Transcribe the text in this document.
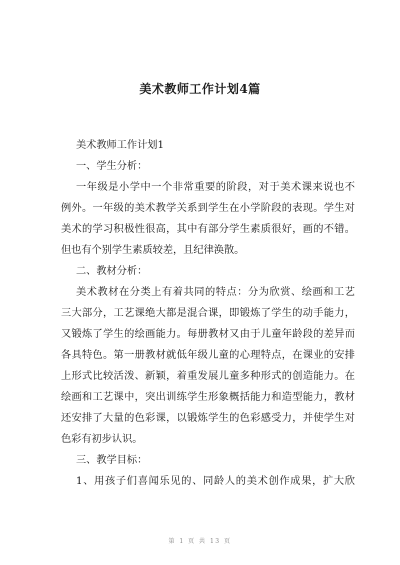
美术教师工作计划4篇
美术教师工作计划1
一、学生分析：
一年级是小学中一个非常重要的阶段，对于美术课来说也不
例外。一年级的美术教学关系到学生在小学阶段的表现。学生对
美术的学习积极性很高，其中有部分学生素质很好，画的不错。
但也有个别学生素质较差，且纪律涣散。
二、教材分析：
美术教材在分类上有着共同的特点：分为欣赏、绘画和工艺
三大部分，工艺课绝大都是混合课，即锻炼了学生的动手能力，
又锻炼了学生的绘画能力。每册教材又由于儿童年龄段的差异而
各具特色。第一册教材就低年级儿童的心理特点，在课业的安排
上形式比较活泼、新颖，着重发展儿童多种形式的创造能力。在
绘画和工艺课中，突出训练学生形象概括能力和造型能力，教材
还安排了大量的色彩课，以锻炼学生的色彩感受力，并使学生对
色彩有初步认识。
三、教学目标：
1、用孩子们喜闻乐见的、同龄人的美术创作成果，扩大欣
第 1 页 共 13 页
